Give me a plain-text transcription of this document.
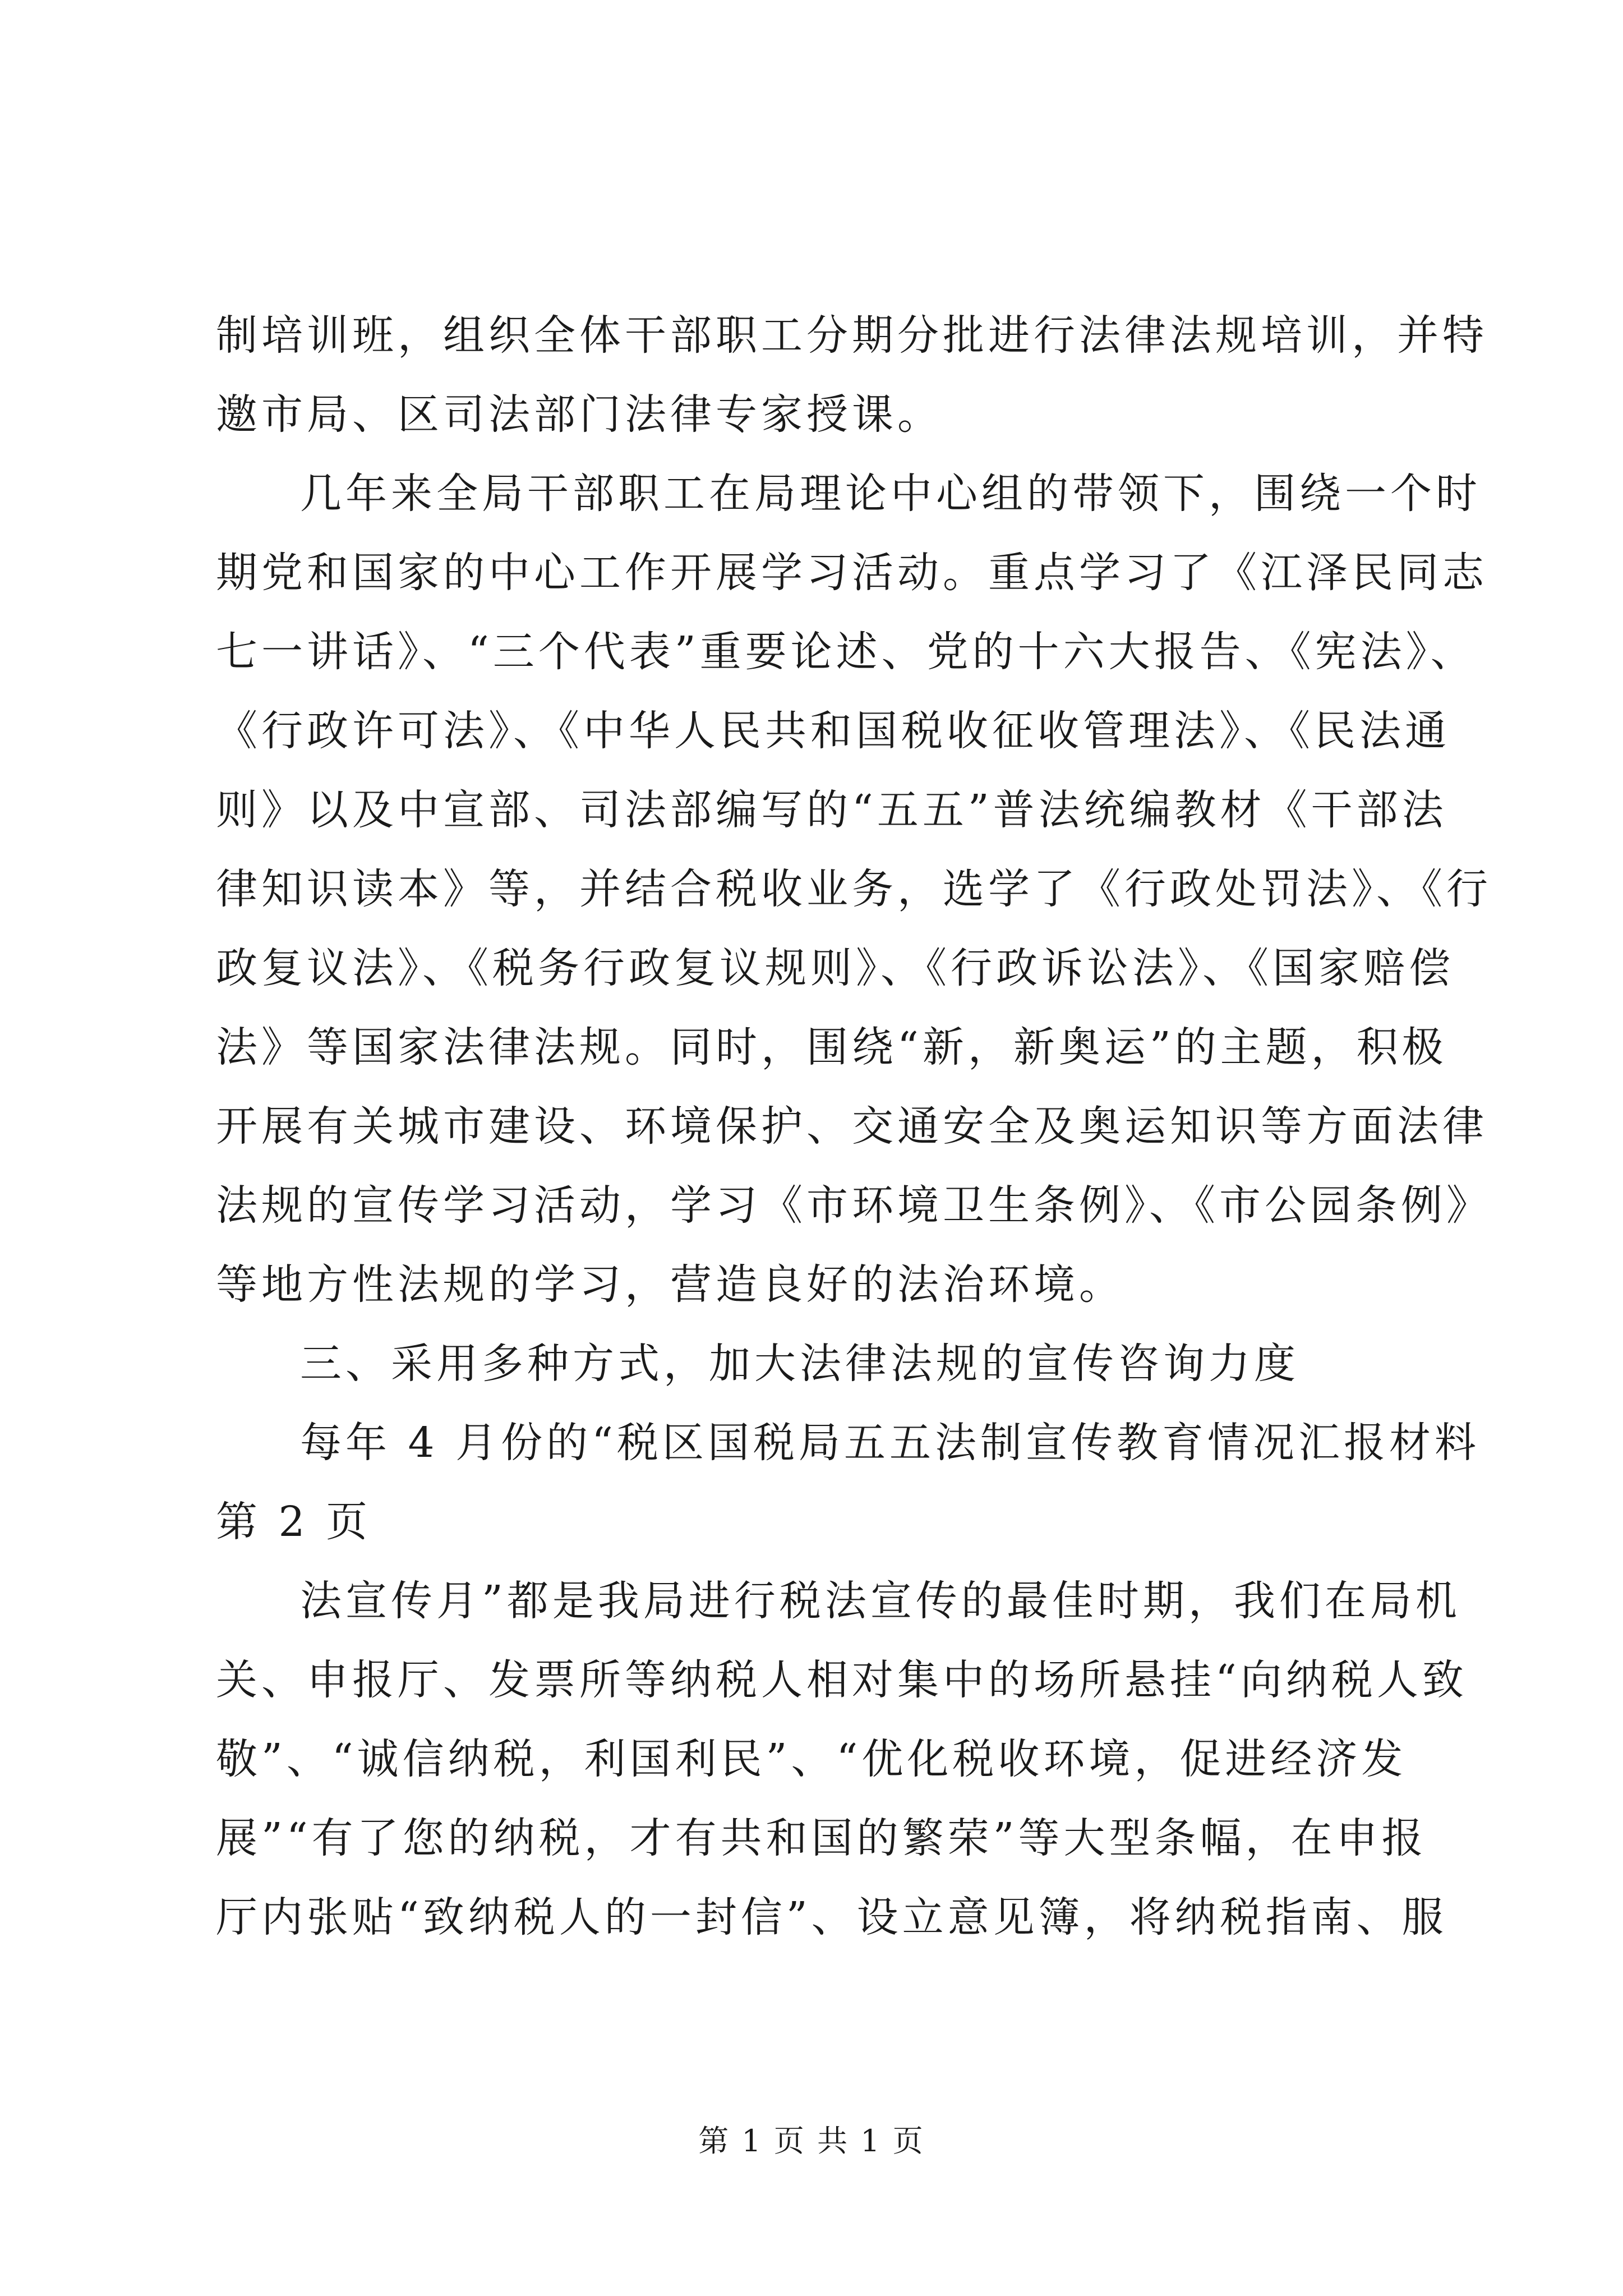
制培训班，组织全体干部职工分期分批进行法律法规培训，并特
邀市局、区司法部门法律专家授课。
几年来全局干部职工在局理论中心组的带领下，围绕一个时
期党和国家的中心工作开展学习活动。重点学习了《江泽民同志
七一讲话》、“三个代表”重要论述、党的十六大报告、《宪法》、
《行政许可法》、《中华人民共和国税收征收管理法》、《民法通
则》以及中宣部、司法部编写的“五五”普法统编教材《干部法
律知识读本》等，并结合税收业务，选学了《行政处罚法》、《行
政复议法》、《税务行政复议规则》、《行政诉讼法》、《国家赔偿
法》等国家法律法规。同时，围绕“新，新奥运”的主题，积极
开展有关城市建设、环境保护、交通安全及奥运知识等方面法律
法规的宣传学习活动，学习《市环境卫生条例》、《市公园条例》
等地方性法规的学习，营造良好的法治环境。
三、采用多种方式，加大法律法规的宣传咨询力度
每年 4 月份的“税区国税局五五法制宣传教育情况汇报材料
第 2 页
法宣传月”都是我局进行税法宣传的最佳时期，我们在局机
关、申报厅、发票所等纳税人相对集中的场所悬挂“向纳税人致
敬”、“诚信纳税，利国利民”、“优化税收环境，促进经济发
展”“有了您的纳税，才有共和国的繁荣”等大型条幅，在申报
厅内张贴“致纳税人的一封信”、设立意见簿，将纳税指南、服
第 1 页 共 1 页
